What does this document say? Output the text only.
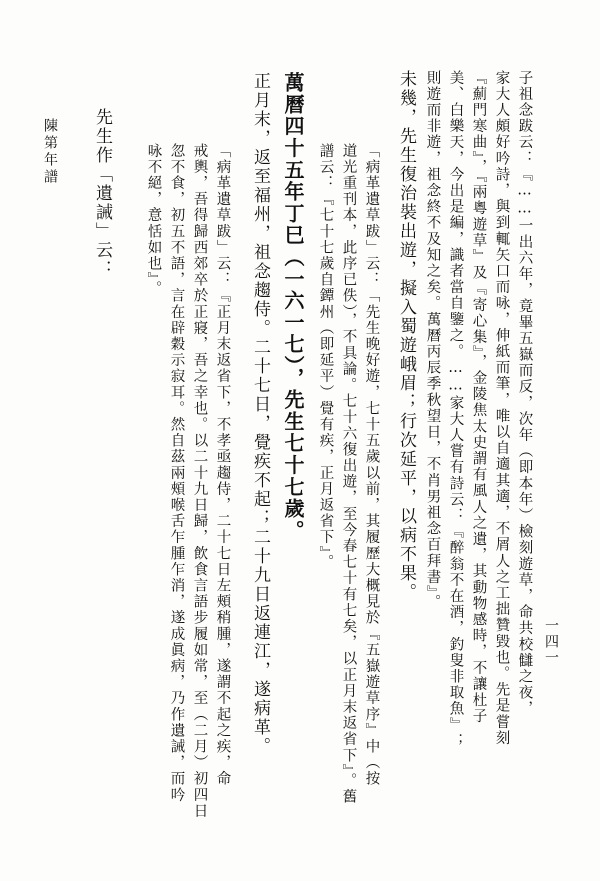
子祖念跋云：『……一出六年，竟畢五嶽而反，次年（即本年）檢刻遊草，命共校讎之夜，
家大人頗好吟詩，與到輒矢口而咏，伸紙而筆，唯以自適其適，不屑人之工拙贊毀也。先是嘗刻
『薊門寒曲』，『兩粵遊草』及『寄心集』，金陵焦太史謂有風人之遺，其動物感時，不讓杜子
美、白樂天，今出是編，識者當自鑒之。……家大人嘗有詩云：『醉翁不在酒，釣叟非取魚』；
則遊而非遊，祖念終不及知之矣。萬曆丙辰季秋望日，不肖男祖念百拜書』。
未幾，先生復治裝出遊，擬入蜀遊峨眉；行次延平，以病不果。
「病革遺草跋」云：「先生晚好遊，七十五歲以前，其履歷大概見於『五嶽遊草序』中（按
道光重刊本，此序已佚），不具論。七十六復出遊，至今春七十有七矣，以正月末返省下』。舊
譜云：『七十七歲自鐔州（即延平）覺有疾，正月返省下』。
萬曆四十五年丁巳（一六一七），先生七十七歲。
正月末，返至福州，祖念趨侍。二十七日，覺疾不起；二十九日返連江，遂病革。
「病革遺草跋」云：『正月末返省下，不孝亟趨侍，二十七日左頰稍腫，遂謂不起之疾，命
戒輿，吾得歸西郊卒於正寢，吾之幸也。以二十九日歸，飲食言語步履如常，至（二月）初四日
忽不食，初五不語，言在辟穀示寂耳。然自茲兩頰喉舌乍腫乍消，遂成眞病，乃作遺誡，而吟
咏不絕，意恬如也』。
先生作「遺誡」云：
陳第年譜
一四一
